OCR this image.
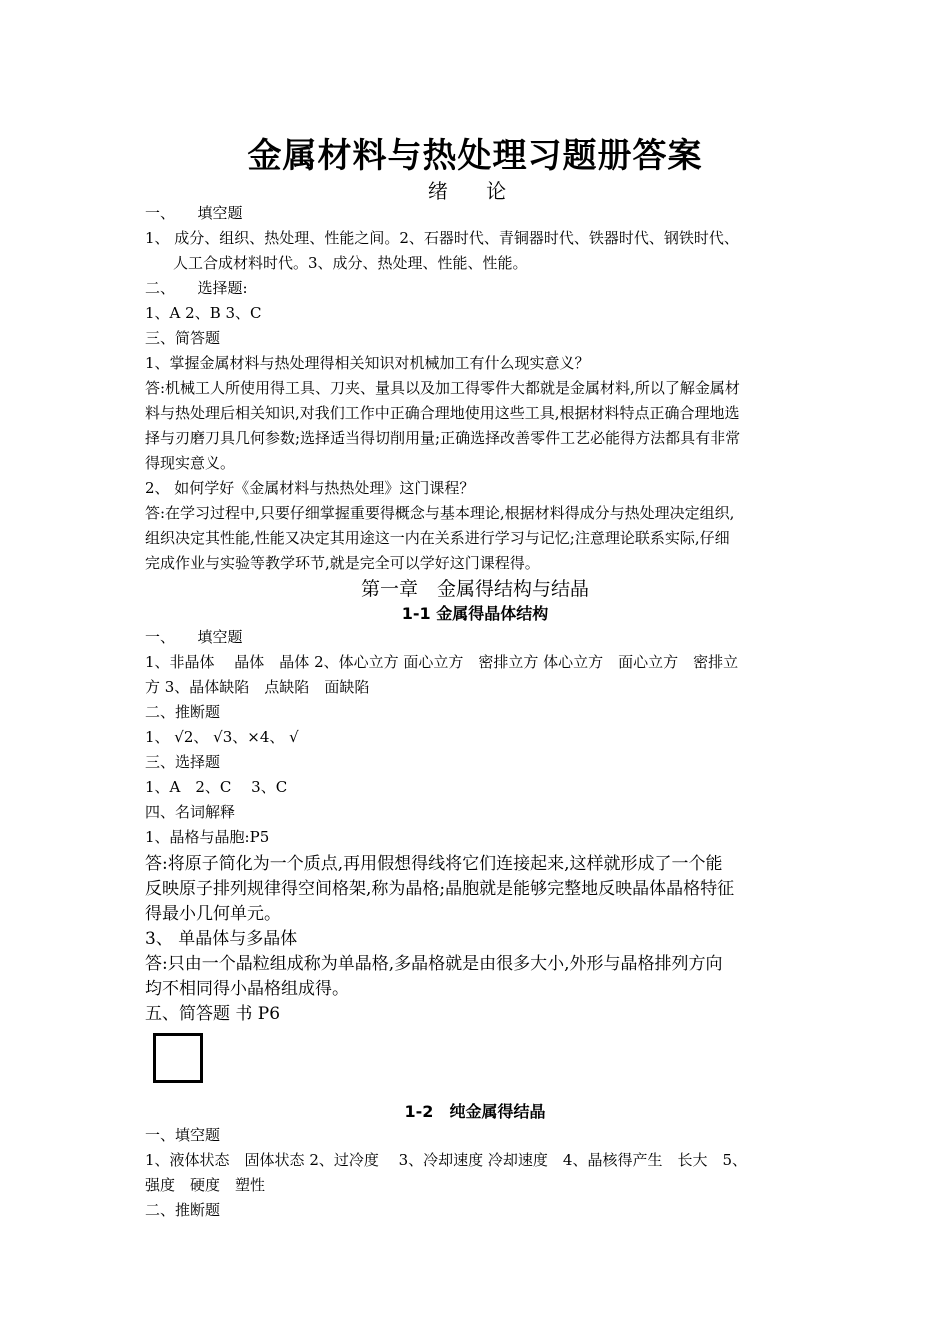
金属材料与热处理习题册答案
绪 论
一、　　填空题
1、 成分、组织、热处理、性能之间。2、石器时代、青铜器时代、铁器时代、钢铁时代、
人工合成材料时代。3、成分、热处理、性能、性能。
二、　　选择题:
1、A 2、B 3、C
三、简答题
1、掌握金属材料与热处理得相关知识对机械加工有什么现实意义？
答:机械工人所使用得工具、刀夹、量具以及加工得零件大都就是金属材料,所以了解金属材
料与热处理后相关知识,对我们工作中正确合理地使用这些工具,根据材料特点正确合理地选
择与刃磨刀具几何参数;选择适当得切削用量;正确选择改善零件工艺必能得方法都具有非常
得现实意义。
2、 如何学好《金属材料与热热处理》这门课程？
答:在学习过程中,只要仔细掌握重要得概念与基本理论,根据材料得成分与热处理决定组织,
组织决定其性能,性能又决定其用途这一内在关系进行学习与记忆;注意理论联系实际,仔细
完成作业与实验等教学环节,就是完全可以学好这门课程得。
第一章　金属得结构与结晶
1-1 金属得晶体结构
一、　　填空题
1、非晶体　 晶体　晶体 2、体心立方 面心立方　密排立方 体心立方　面心立方　密排立
方 3、晶体缺陷　点缺陷　面缺陷
二、推断题
1、 √2、 √3、×4、 √
三、选择题
1、A　2、C　 3、C
四、名词解释
1、晶格与晶胞:P5
答:将原子简化为一个质点,再用假想得线将它们连接起来,这样就形成了一个能
反映原子排列规律得空间格架,称为晶格;晶胞就是能够完整地反映晶体晶格特征
得最小几何单元。
3、 单晶体与多晶体
答:只由一个晶粒组成称为单晶格,多晶格就是由很多大小,外形与晶格排列方向
均不相同得小晶格组成得。
五、简答题 书 P6
1-2　纯金属得结晶
一、填空题
1、液体状态　固体状态 2、过冷度　 3、冷却速度 冷却速度　4、晶核得产生　长大　5、
强度　硬度　塑性
二、推断题
